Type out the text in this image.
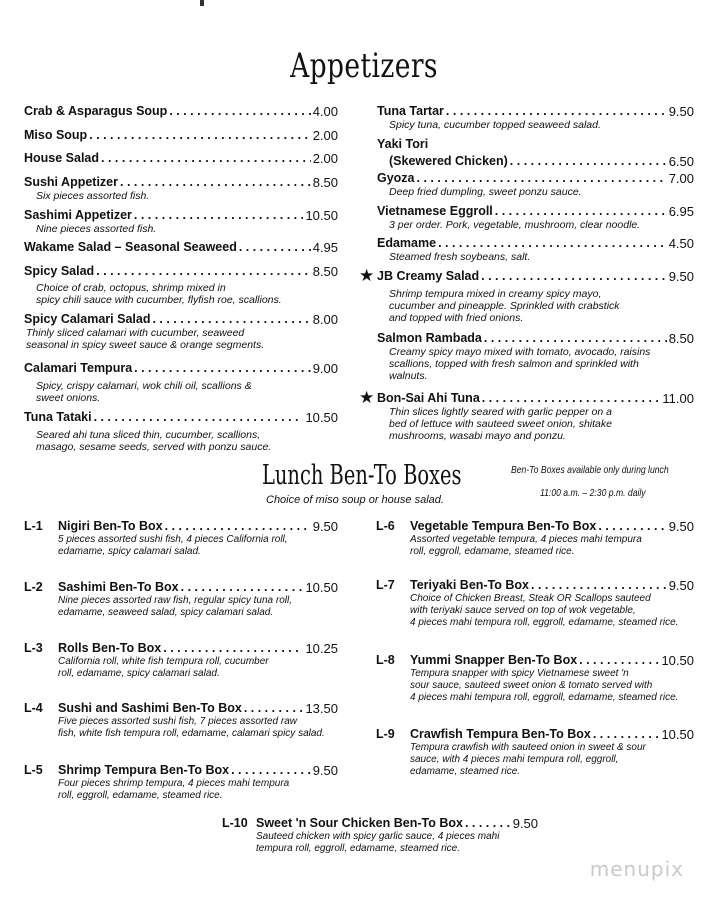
Appetizers
Crab & Asparagus Soup . . .	4.00
Miso Soup . . .	2.00
House Salad . . .	2.00
Sushi Appetizer . . .	8.50
Six pieces assorted fish.
Sashimi Appetizer . . .	10.50
Nine pieces assorted fish.
Wakame Salad – Seasonal Seaweed . . .	4.95
Spicy Salad . . .	8.50
Choice of crab, octopus, shrimp mixed in
spicy chili sauce with cucumber, flyfish roe, scallions.
Spicy Calamari Salad . . .	8.00
Thinly sliced calamari with cucumber, seaweed
seasonal in spicy sweet sauce & orange segments.
Calamari Tempura . . .	9.00
Spicy, crispy calamari, wok chili oil, scallions &
sweet onions.
Tuna Tataki . . .	10.50
Seared ahi tuna sliced thin, cucumber, scallions,
masago, sesame seeds, served with ponzu sauce.
Tuna Tartar . . .	9.50
Spicy tuna, cucumber topped seaweed salad.
Yaki Tori
(Skewered Chicken) . . .	6.50
Gyoza . . .	7.00
Deep fried dumpling, sweet ponzu sauce.
Vietnamese Eggroll . . .	6.95
3 per order. Pork, vegetable, mushroom, clear noodle.
Edamame . . .	4.50
Steamed fresh soybeans, salt.
★ JB Creamy Salad . . .	9.50
Shrimp tempura mixed in creamy spicy mayo,
cucumber and pineapple. Sprinkled with crabstick
and topped with fried onions.
Salmon Rambada . . .	8.50
Creamy spicy mayo mixed with tomato, avocado, raisins
scallions, topped with fresh salmon and sprinkled with
walnuts.
★ Bon-Sai Ahi Tuna . . .	11.00
Thin slices lightly seared with garlic pepper on a
bed of lettuce with sauteed sweet onion, shitake
mushrooms, wasabi mayo and ponzu.
Lunch Ben-To Boxes
Choice of miso soup or house salad.
Ben-To Boxes available only during lunch
11:00 a.m. – 2:30 p.m. daily
L-1 Nigiri Ben-To Box . . .	9.50
5 pieces assorted sushi fish, 4 pieces California roll,
edamame, spicy calamari salad.
L-2 Sashimi Ben-To Box . . .	10.50
Nine pieces assorted raw fish, regular spicy tuna roll,
edamame, seaweed salad, spicy calamari salad.
L-3 Rolls Ben-To Box . . .	10.25
California roll, white fish tempura roll, cucumber
roll, edamame, spicy calamari salad.
L-4 Sushi and Sashimi Ben-To Box . . .	13.50
Five pieces assorted sushi fish, 7 pieces assorted raw
fish, white fish tempura roll, edamame, calamari spicy salad.
L-5 Shrimp Tempura Ben-To Box . . .	9.50
Four pieces shrimp tempura, 4 pieces mahi tempura
roll, eggroll, edamame, steamed rice.
L-6 Vegetable Tempura Ben-To Box . . .	9.50
Assorted vegetable tempura, 4 pieces mahi tempura
roll, eggroll, edamame, steamed rice.
L-7 Teriyaki Ben-To Box . . .	9.50
Choice of Chicken Breast, Steak OR Scallops sauteed
with teriyaki sauce served on top of wok vegetable,
4 pieces mahi tempura roll, eggroll, edamame, steamed rice.
L-8 Yummi Snapper Ben-To Box . . .	10.50
Tempura snapper with spicy Vietnamese sweet 'n
sour sauce, sauteed sweet onion & tomato served with
4 pieces mahi tempura roll, eggroll, edamame, steamed rice.
L-9 Crawfish Tempura Ben-To Box . . .	10.50
Tempura crawfish with sauteed onion in sweet & sour
sauce, with 4 pieces mahi tempura roll, eggroll,
edamame, steamed rice.
L-10 Sweet 'n Sour Chicken Ben-To Box . . .	9.50
Sauteed chicken with spicy garlic sauce, 4 pieces mahi
tempura roll, eggroll, edamame, steamed rice.
menupix
